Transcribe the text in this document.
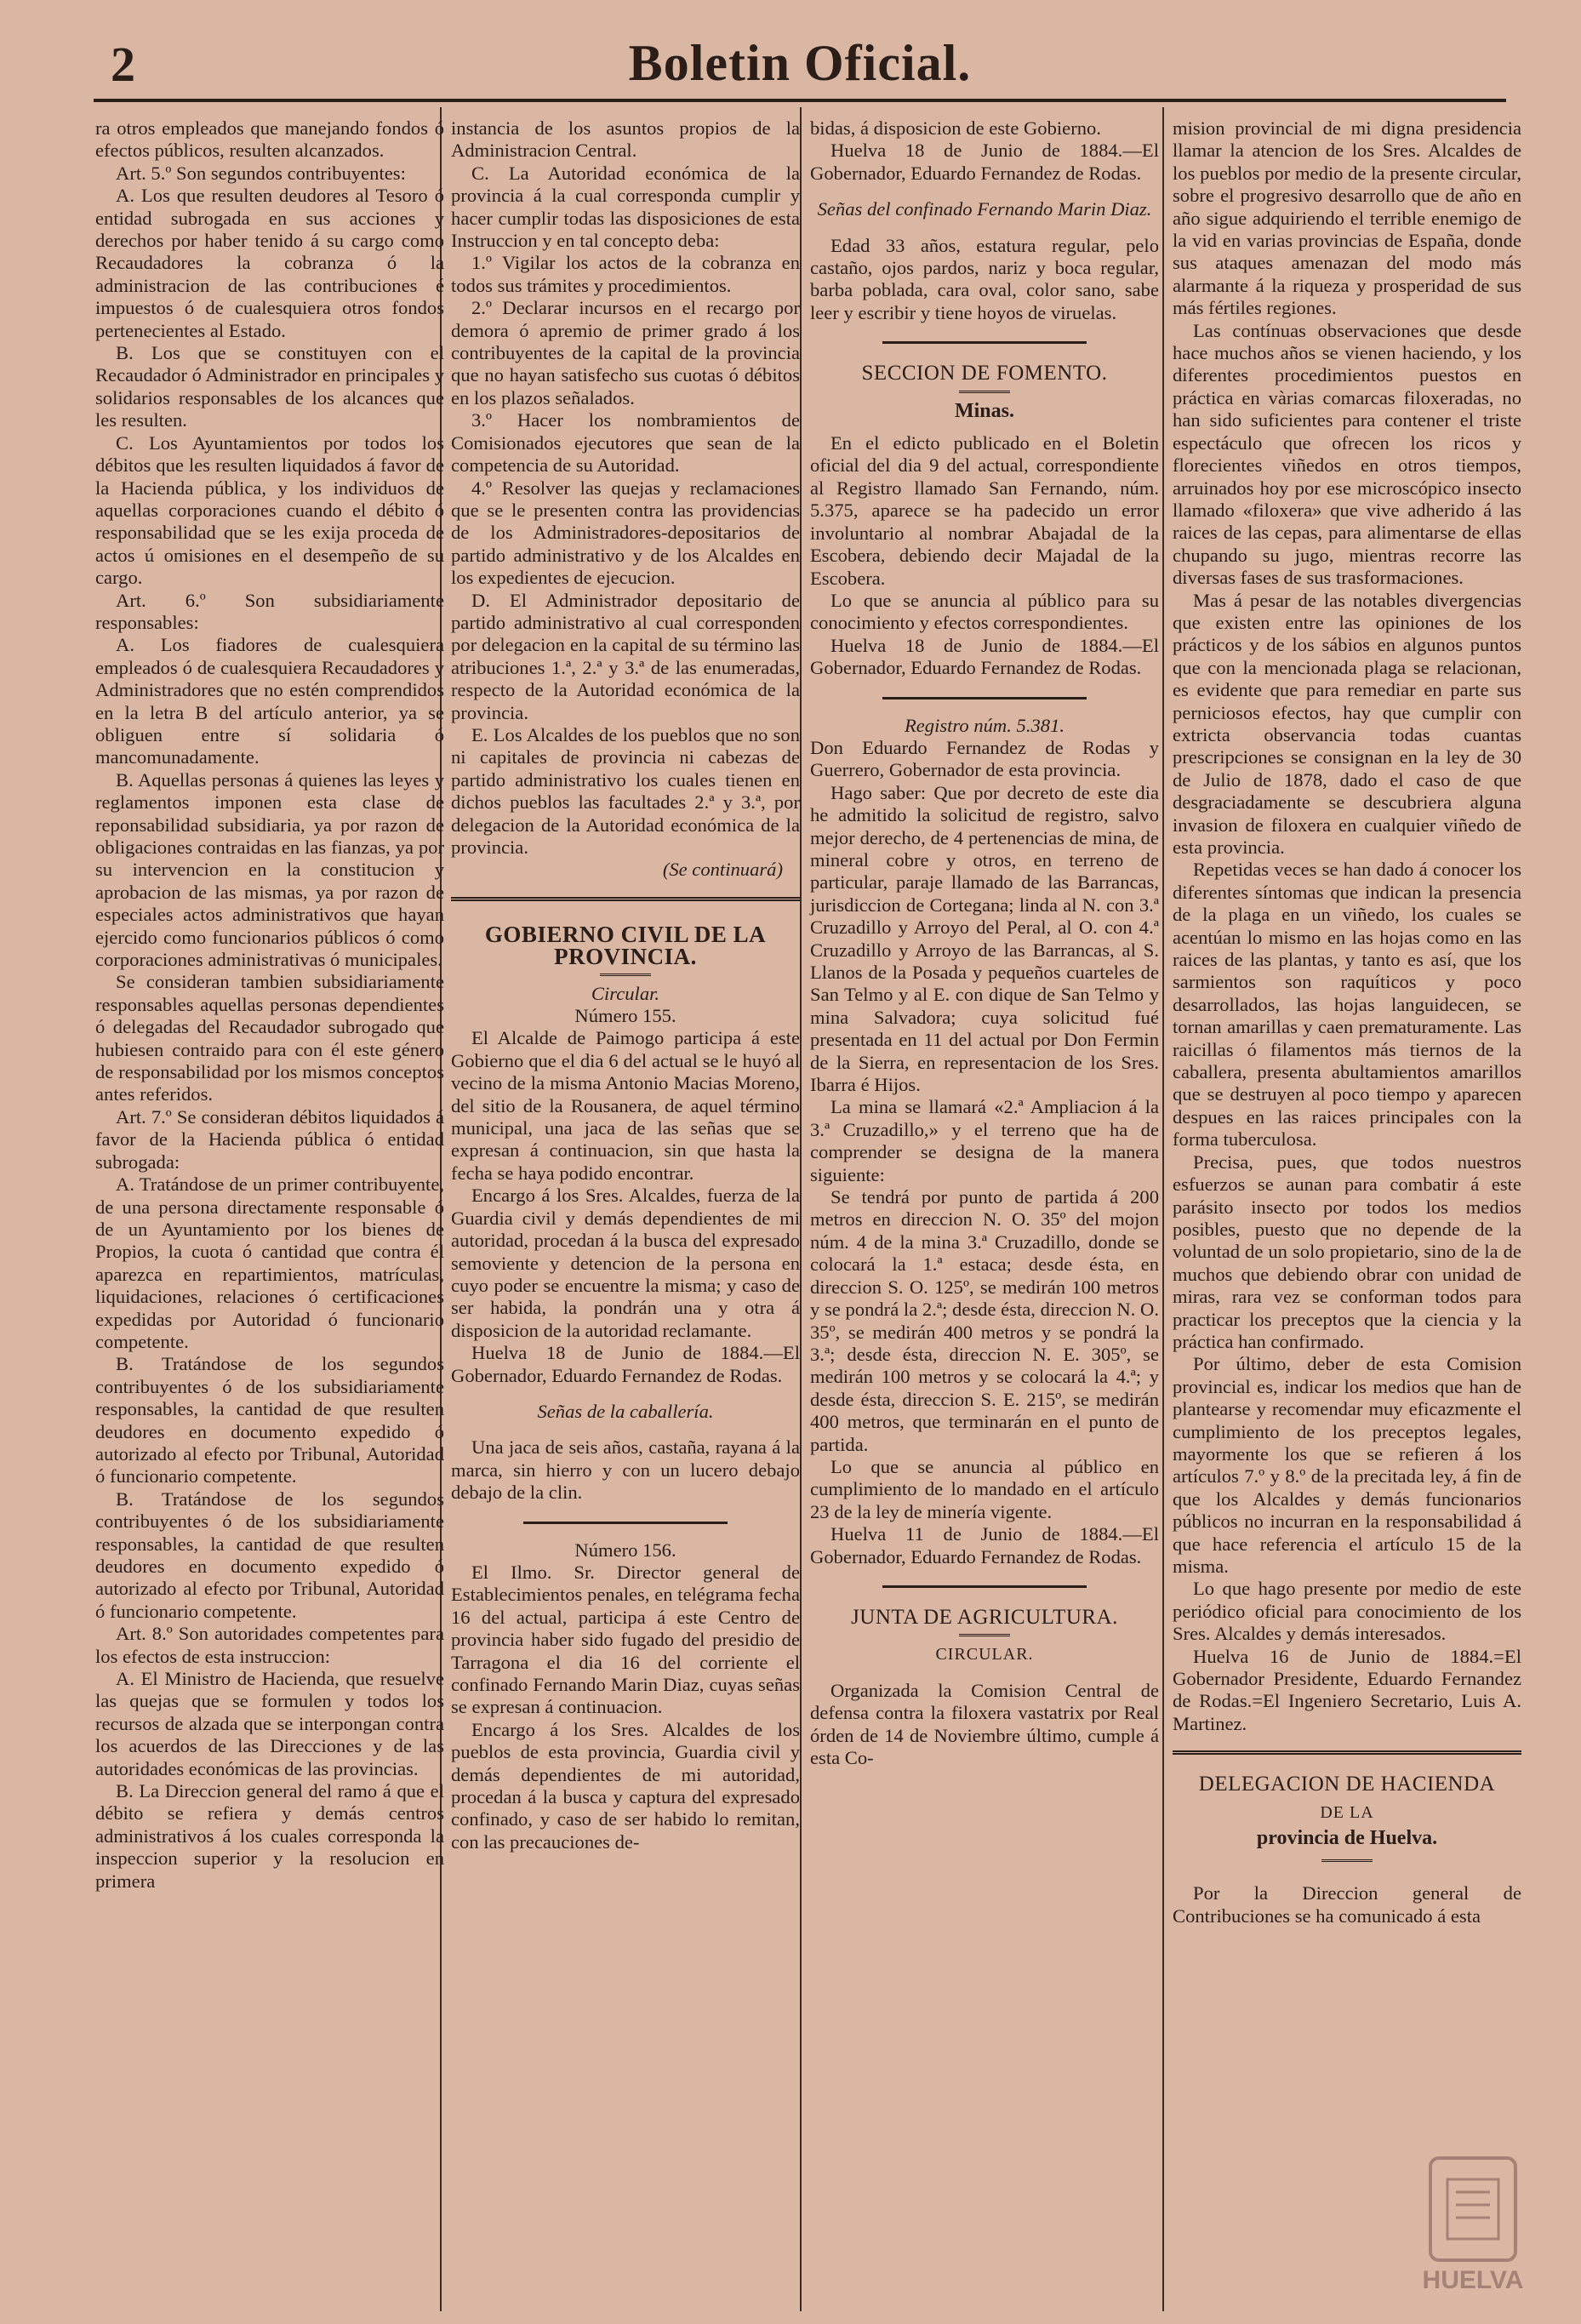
2	Boletin Oficial.

ra otros empleados que manejando fondos ó efectos públicos, resulten alcanzados.

Art. 5.º Son segundos contribuyentes:

A. Los que resulten deudores al Tesoro ó entidad subrogada en sus acciones y derechos por haber tenido á su cargo como Recaudadores la cobranza ó la administracion de las contribuciones é impuestos ó de cualesquiera otros fondos pertenecientes al Estado.

B. Los que se constituyen con el Recaudador ó Administrador en principales y solidarios responsables de los alcances que les resulten.

C. Los Ayuntamientos por todos los débitos que les resulten liquidados á favor de la Hacienda pública, y los individuos de aquellas corporaciones cuando el débito ó responsabilidad que se les exija proceda de actos ú omisiones en el desempeño de su cargo.

Art. 6.º Son subsidiariamente responsables:

A. Los fiadores de cualesquiera empleados ó de cualesquiera Recaudadores y Administradores que no estén comprendidos en la letra B del artículo anterior, ya se obliguen entre sí solidaria ó mancomunadamente.

B. Aquellas personas á quienes las leyes y reglamentos imponen esta clase de reponsabilidad subsidiaria, ya por razon de obligaciones contraidas en las fianzas, ya por su intervencion en la constitucion y aprobacion de las mismas, ya por razon de especiales actos administrativos que hayan ejercido como funcionarios públicos ó como corporaciones administrativas ó municipales.

Se consideran tambien subsidiariamente responsables aquellas personas dependientes ó delegadas del Recaudador subrogado que hubiesen contraido para con él este género de responsabilidad por los mismos conceptos antes referidos.

Art. 7.º Se consideran débitos liquidados á favor de la Hacienda pública ó entidad subrogada:

A. Tratándose de un primer contribuyente, de una persona directamente responsable ó de un Ayuntamiento por los bienes de Propios, la cuota ó cantidad que contra él aparezca en repartimientos, matrículas, liquidaciones, relaciones ó certificaciones expedidas por Autoridad ó funcionario competente.

B. Tratándose de los segundos contribuyentes ó de los subsidiariamente responsables, la cantidad de que resulten deudores en documento expedido ó autorizado al efecto por Tribunal, Autoridad ó funcionario competente.

B. Tratándose de los segundos contribuyentes ó de los subsidiariamente responsables, la cantidad de que resulten deudores en documento expedido ó autorizado al efecto por Tribunal, Autoridad ó funcionario competente.

Art. 8.º Son autoridades competentes para los efectos de esta instruccion:

A. El Ministro de Hacienda, que resuelve las quejas que se formulen y todos los recursos de alzada que se interpongan contra los acuerdos de las Direcciones y de las autoridades económicas de las provincias.

B. La Direccion general del ramo á que el débito se refiera y demás centros administrativos á los cuales corresponda la inspeccion superior y la resolucion en primera

instancia de los asuntos propios de la Administracion Central.

C. La Autoridad económica de la provincia á la cual corresponda cumplir y hacer cumplir todas las disposiciones de esta Instruccion y en tal concepto deba:

1.º Vigilar los actos de la cobranza en todos sus trámites y procedimientos.

2.º Declarar incursos en el recargo por demora ó apremio de primer grado á los contribuyentes de la capital de la provincia que no hayan satisfecho sus cuotas ó débitos en los plazos señalados.

3.º Hacer los nombramientos de Comisionados ejecutores que sean de la competencia de su Autoridad.

4.º Resolver las quejas y reclamaciones que se le presenten contra las providencias de los Administradores-depositarios de partido administrativo y de los Alcaldes en los expedientes de ejecucion.

D. El Administrador depositario de partido administrativo al cual corresponden por delegacion en la capital de su término las atribuciones 1.ª, 2.ª y 3.ª de las enumeradas, respecto de la Autoridad económica de la provincia.

E. Los Alcaldes de los pueblos que no son ni capitales de provincia ni cabezas de partido administrativo los cuales tienen en dichos pueblos las facultades 2.ª y 3.ª, por delegacion de la Autoridad económica de la provincia.

(Se continuará)

GOBIERNO CIVIL DE LA PROVINCIA.

Circular.

Número 155.

El Alcalde de Paimogo participa á este Gobierno que el dia 6 del actual se le huyó al vecino de la misma Antonio Macias Moreno, del sitio de la Rousanera, de aquel término municipal, una jaca de las señas que se expresan á continuacion, sin que hasta la fecha se haya podido encontrar.

Encargo á los Sres. Alcaldes, fuerza de la Guardia civil y demás dependientes de mi autoridad, procedan á la busca del expresado semoviente y detencion de la persona en cuyo poder se encuentre la misma; y caso de ser habida, la pondrán una y otra á disposicion de la autoridad reclamante.

Huelva 18 de Junio de 1884.—El Gobernador, Eduardo Fernandez de Rodas.

Señas de la caballería.

Una jaca de seis años, castaña, rayana á la marca, sin hierro y con un lucero debajo debajo de la clin.

Número 156.

El Ilmo. Sr. Director general de Establecimientos penales, en telégrama fecha 16 del actual, participa á este Centro de provincia haber sido fugado del presidio de Tarragona el dia 16 del corriente el confinado Fernando Marin Diaz, cuyas señas se expresan á continuacion.

Encargo á los Sres. Alcaldes de los pueblos de esta provincia, Guardia civil y demás dependientes de mi autoridad, procedan á la busca y captura del expresado confinado, y caso de ser habido lo remitan, con las precauciones de-

bidas, á disposicion de este Gobierno.

Huelva 18 de Junio de 1884.—El Gobernador, Eduardo Fernandez de Rodas.

Señas del confinado Fernando Marin Diaz.

Edad 33 años, estatura regular, pelo castaño, ojos pardos, nariz y boca regular, barba poblada, cara oval, color sano, sabe leer y escribir y tiene hoyos de viruelas.

SECCION DE FOMENTO.
Minas.

En el edicto publicado en el Boletin oficial del dia 9 del actual, correspondiente al Registro llamado San Fernando, núm. 5.375, aparece se ha padecido un error involuntario al nombrar Abajadal de la Escobera, debiendo decir Majadal de la Escobera.

Lo que se anuncia al público para su conocimiento y efectos correspondientes.

Huelva 18 de Junio de 1884.—El Gobernador, Eduardo Fernandez de Rodas.

Registro núm. 5.381.

Don Eduardo Fernandez de Rodas y Guerrero, Gobernador de esta provincia.

Hago saber: Que por decreto de este dia he admitido la solicitud de registro, salvo mejor derecho, de 4 pertenencias de mina, de mineral cobre y otros, en terreno de particular, paraje llamado de las Barrancas, jurisdiccion de Cortegana; linda al N. con 3.ª Cruzadillo y Arroyo del Peral, al O. con 4.ª Cruzadillo y Arroyo de las Barrancas, al S. Llanos de la Posada y pequeños cuarteles de San Telmo y al E. con dique de San Telmo y mina Salvadora; cuya solicitud fué presentada en 11 del actual por Don Fermin de la Sierra, en representacion de los Sres. Ibarra é Hijos.

La mina se llamará «2.ª Ampliacion á la 3.ª Cruzadillo,» y el terreno que ha de comprender se designa de la manera siguiente:

Se tendrá por punto de partida á 200 metros en direccion N. O. 35º del mojon núm. 4 de la mina 3.ª Cruzadillo, donde se colocará la 1.ª estaca; desde ésta, en direccion S. O. 125º, se medirán 100 metros y se pondrá la 2.ª; desde ésta, direccion N. O. 35º, se medirán 400 metros y se pondrá la 3.ª; desde ésta, direccion N. E. 305º, se medirán 100 metros y se colocará la 4.ª; y desde ésta, direccion S. E. 215º, se medirán 400 metros, que terminarán en el punto de partida.

Lo que se anuncia al público en cumplimiento de lo mandado en el artículo 23 de la ley de minería vigente.

Huelva 11 de Junio de 1884.—El Gobernador, Eduardo Fernandez de Rodas.

JUNTA DE AGRICULTURA.
CIRCULAR.

Organizada la Comision Central de defensa contra la filoxera vastatrix por Real órden de 14 de Noviembre último, cumple á esta Co-

mision provincial de mi digna presidencia llamar la atencion de los Sres. Alcaldes de los pueblos por medio de la presente circular, sobre el progresivo desarrollo que de año en año sigue adquiriendo el terrible enemigo de la vid en varias provincias de España, donde sus ataques amenazan del modo más alarmante á la riqueza y prosperidad de sus más fértiles regiones.

Las contínuas observaciones que desde hace muchos años se vienen haciendo, y los diferentes procedimientos puestos en práctica en vàrias comarcas filoxeradas, no han sido suficientes para contener el triste espectáculo que ofrecen los ricos y florecientes viñedos en otros tiempos, arruinados hoy por ese microscópico insecto llamado «filoxera» que vive adherido á las raices de las cepas, para alimentarse de ellas chupando su jugo, mientras recorre las diversas fases de sus trasformaciones.

Mas á pesar de las notables divergencias que existen entre las opiniones de los prácticos y de los sábios en algunos puntos que con la mencionada plaga se relacionan, es evidente que para remediar en parte sus perniciosos efectos, hay que cumplir con extricta observancia todas cuantas prescripciones se consignan en la ley de 30 de Julio de 1878, dado el caso de que desgraciadamente se descubriera alguna invasion de filoxera en cualquier viñedo de esta provincia.

Repetidas veces se han dado á conocer los diferentes síntomas que indican la presencia de la plaga en un viñedo, los cuales se acentúan lo mismo en las hojas como en las raices de las plantas, y tanto es así, que los sarmientos son raquíticos y poco desarrollados, las hojas languidecen, se tornan amarillas y caen prematuramente. Las raicillas ó filamentos más tiernos de la caballera, presenta abultamientos amarillos que se destruyen al poco tiempo y aparecen despues en las raices principales con la forma tuberculosa.

Precisa, pues, que todos nuestros esfuerzos se aunan para combatir á este parásito insecto por todos los medios posibles, puesto que no depende de la voluntad de un solo propietario, sino de la de muchos que debiendo obrar con unidad de miras, rara vez se conforman todos para practicar los preceptos que la ciencia y la práctica han confirmado.

Por último, deber de esta Comision provincial es, indicar los medios que han de plantearse y recomendar muy eficazmente el cumplimiento de los preceptos legales, mayormente los que se refieren á los artículos 7.º y 8.º de la precitada ley, á fin de que los Alcaldes y demás funcionarios públicos no incurran en la responsabilidad á que hace referencia el artículo 15 de la misma.

Lo que hago presente por medio de este periódico oficial para conocimiento de los Sres. Alcaldes y demás interesados.

Huelva 16 de Junio de 1884.=El Gobernador Presidente, Eduardo Fernandez de Rodas.=El Ingeniero Secretario, Luis A. Martinez.

DELEGACION DE HACIENDA
DE LA
provincia de Huelva.

Por la Direccion general de Contribuciones se ha comunicado á esta

HUELVA
